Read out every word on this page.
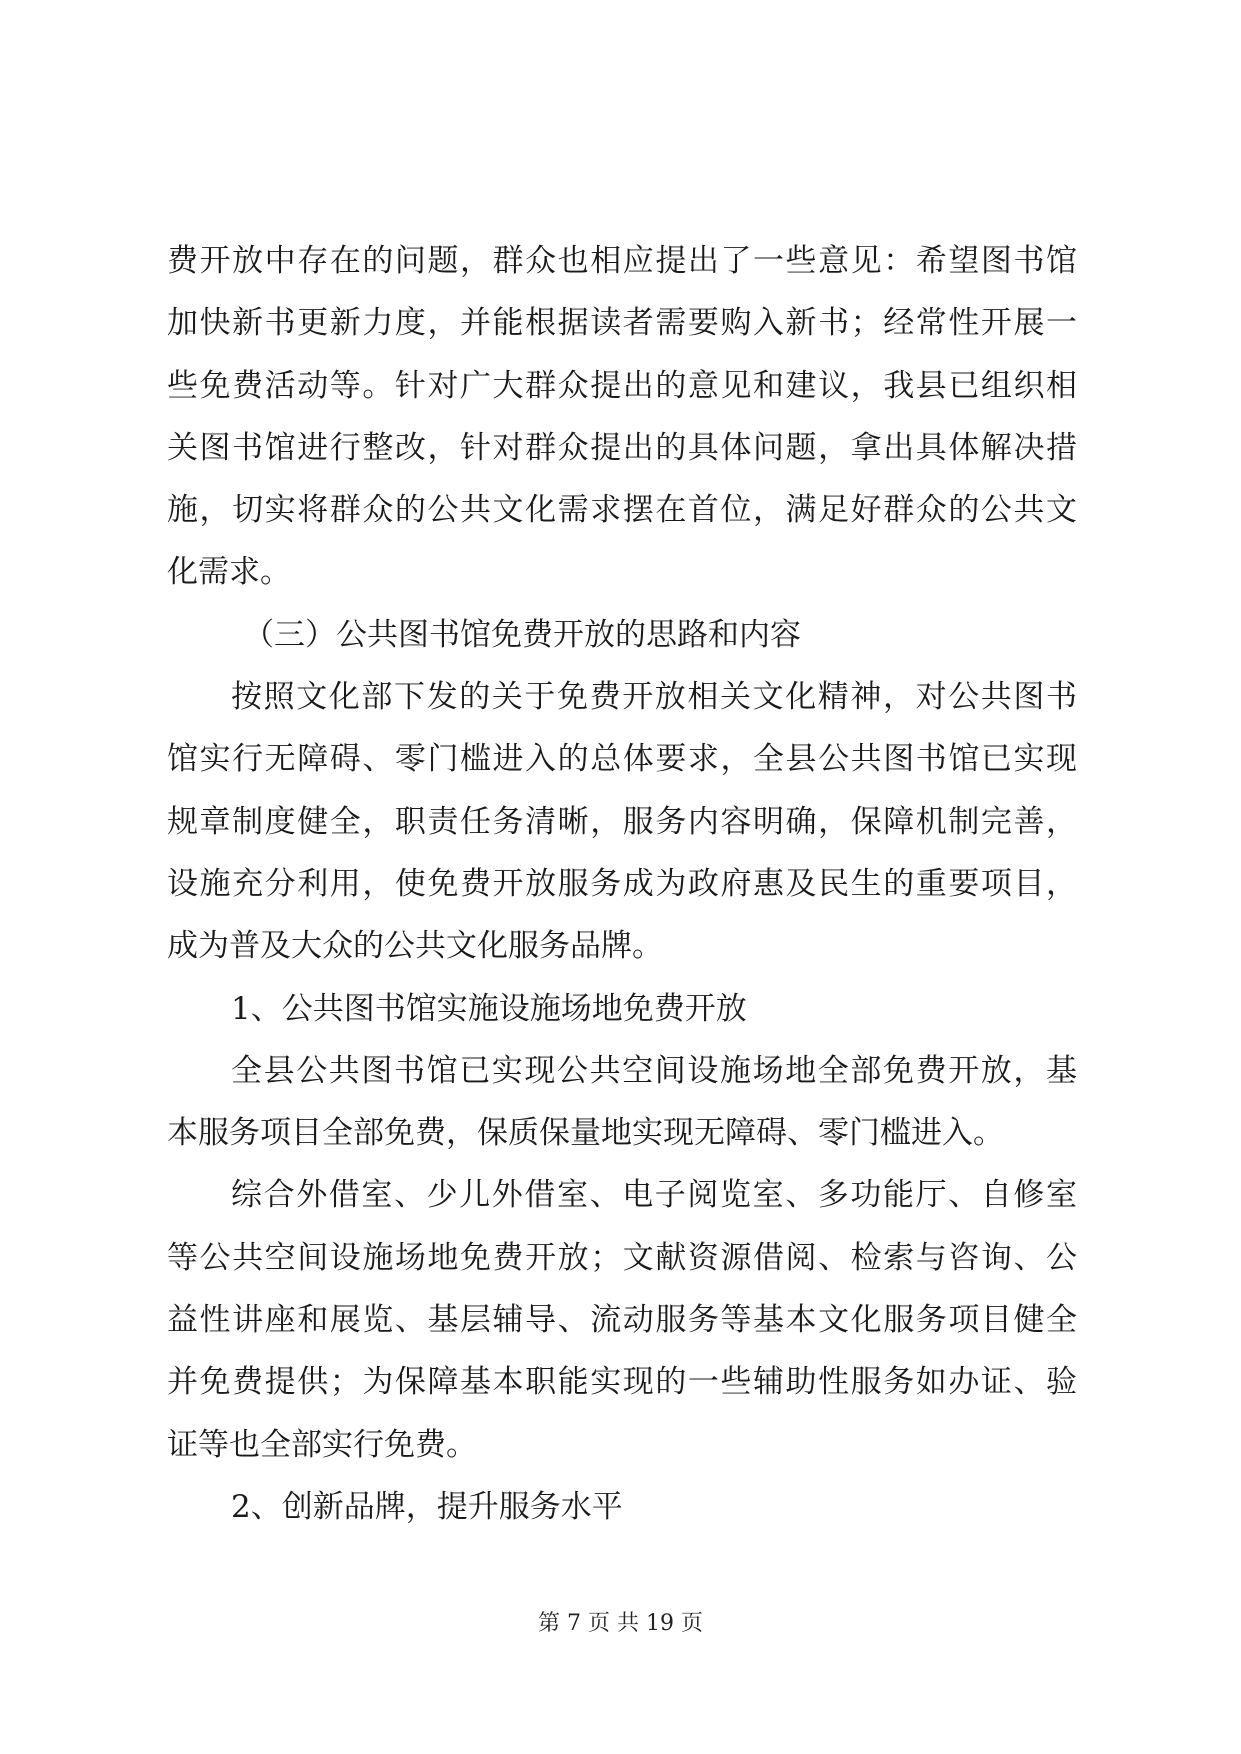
费开放中存在的问题，群众也相应提出了一些意见：希望图书馆
加快新书更新力度，并能根据读者需要购入新书；经常性开展一
些免费活动等。针对广大群众提出的意见和建议，我县已组织相
关图书馆进行整改，针对群众提出的具体问题，拿出具体解决措
施，切实将群众的公共文化需求摆在首位，满足好群众的公共文
化需求。
（三）公共图书馆免费开放的思路和内容
按照文化部下发的关于免费开放相关文化精神，对公共图书
馆实行无障碍、零门槛进入的总体要求，全县公共图书馆已实现
规章制度健全，职责任务清晰，服务内容明确，保障机制完善，
设施充分利用，使免费开放服务成为政府惠及民生的重要项目，
成为普及大众的公共文化服务品牌。
1、公共图书馆实施设施场地免费开放
全县公共图书馆已实现公共空间设施场地全部免费开放，基
本服务项目全部免费，保质保量地实现无障碍、零门槛进入。
综合外借室、少儿外借室、电子阅览室、多功能厅、自修室
等公共空间设施场地免费开放；文献资源借阅、检索与咨询、公
益性讲座和展览、基层辅导、流动服务等基本文化服务项目健全
并免费提供；为保障基本职能实现的一些辅助性服务如办证、验
证等也全部实行免费。
2、创新品牌，提升服务水平
第 7 页 共 19 页
